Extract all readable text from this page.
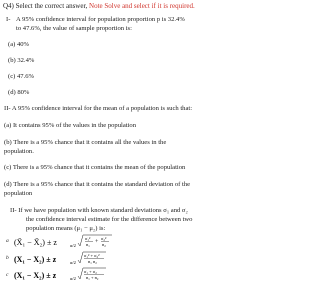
Q4) Select the correct answer, Note Solve and select if it is required.
I- A 95% confidence interval for population proportion p is 32.4%
to 47.6%, the value of sample proportion is:
(a) 40%
(b) 32.4%
(c) 47.6%
(d) 80%
II- A 95% confidence interval for the mean of a population is such that:
(a) It contains 95% of the values in the population
(b) There is a 95% chance that it contains all the values in the
population.
(c) There is a 95% chance that it contains the mean of the population
(d) There is a 95% chance that it contains the standard deviation of the
population
II- If we have population with known standard deviations σ₁ and σ₂
the confidence interval estimate for the difference between two
population means (μ₁ − μ₂) is:
a (X̄₁ − X̄₂) ± z	α/2
σ₁²
n₁ +
σ₂²
n₂
b (X₁ − X₂) ± z	α/2
σ₁² + σ₂²
n₁ n₂
c (X₁ − X₂) ± z	α/2
σ₁ + σ₂
n₁ + n₂
(X₁ − X₂) ± z	α/2
σ₁² σ₂²
n₁ + n₂
